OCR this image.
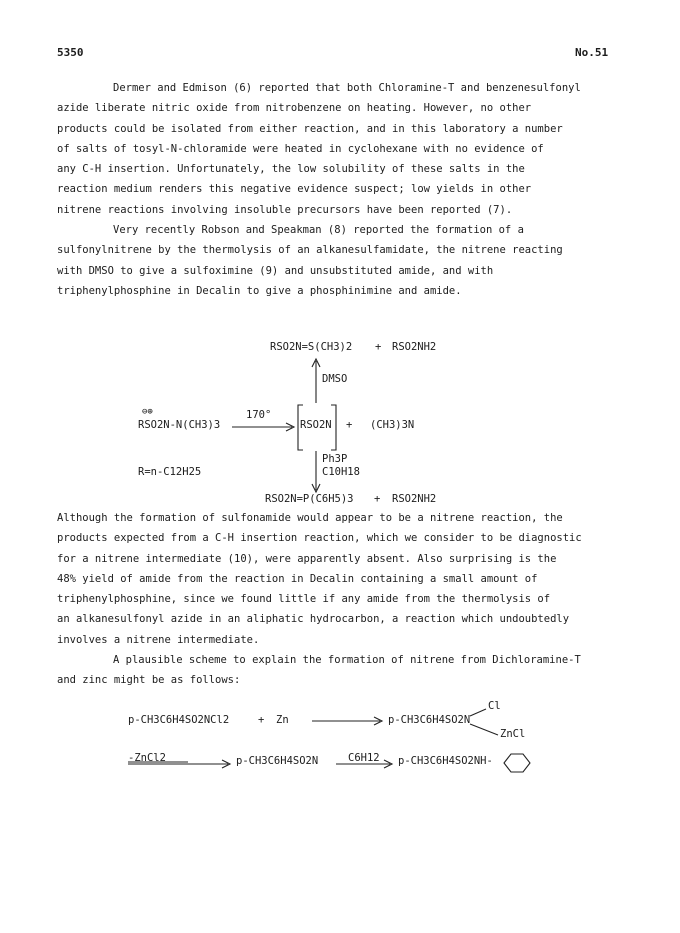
5350	No.51

Dermer and Edmison (6) reported that both Chloramine-T and benzenesulfonyl

azide liberate nitric oxide from nitrobenzene on heating. However, no other

products could be isolated from either reaction, and in this laboratory a number

of salts of tosyl-N-chloramide were heated in cyclohexane with no evidence of

any C-H insertion. Unfortunately, the low solubility of these salts in the

reaction medium renders this negative evidence suspect; low yields in other

nitrene reactions involving insoluble precursors have been reported (7).

Very recently Robson and Speakman (8) reported the formation of a

sulfonylnitrene by the thermolysis of an alkanesulfamidate, the nitrene reacting

with DMSO to give a sulfoximine (9) and unsubstituted amide, and with

triphenylphosphine in Decalin to give a phosphinimine and amide.

RSO2N=S(CH3)2 + RSO2NH2
DMSO
⊖⊕
RSO2N-N(CH3)3
170°
RSO2N + (CH3)3N
Ph3P
C10H18
R=n-C12H25
RSO2N=P(C6H5)3 + RSO2NH2

Although the formation of sulfonamide would appear to be a nitrene reaction, the

products expected from a C-H insertion reaction, which we consider to be diagnostic

for a nitrene intermediate (10), were apparently absent. Also surprising is the

48% yield of amide from the reaction in Decalin containing a small amount of

triphenylphosphine, since we found little if any amide from the thermolysis of

an alkanesulfonyl azide in an aliphatic hydrocarbon, a reaction which undoubtedly

involves a nitrene intermediate.

A plausible scheme to explain the formation of nitrene from Dichloramine-T

and zinc might be as follows:

Cl
p-CH3C6H4SO2NCl2	+ Zn	p-CH3C6H4SO2N
ZnCl
-ZnCl2	p-CH3C6H4SO2N	C6H12 p-CH3C6H4SO2NH-
